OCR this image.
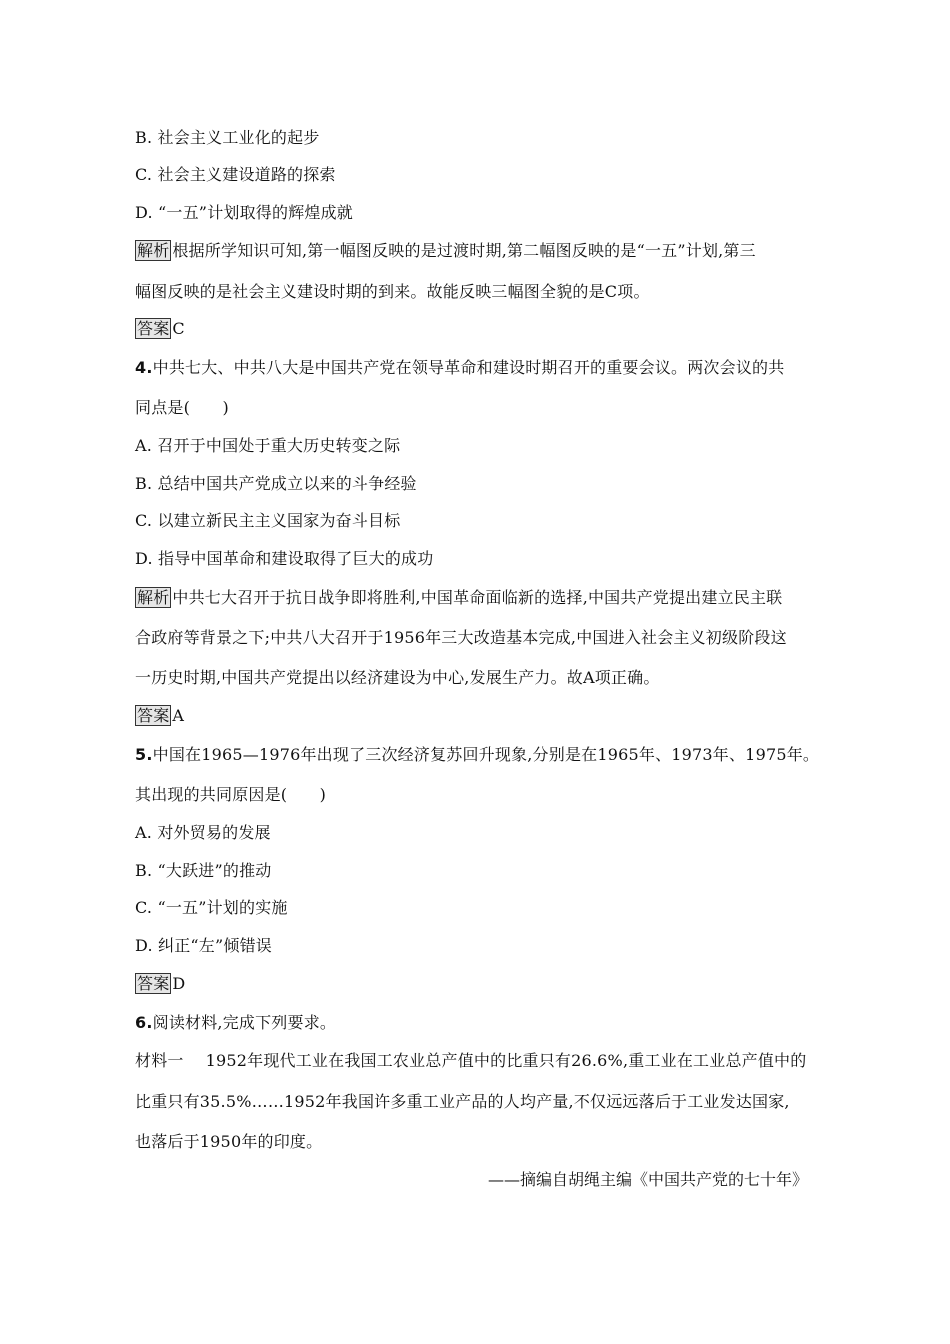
B. 社会主义工业化的起步
C. 社会主义建设道路的探索
D. “一五”计划取得的辉煌成就
解析 根据所学知识可知,第一幅图反映的是过渡时期,第二幅图反映的是“一五”计划,第三
幅图反映的是社会主义建设时期的到来。故能反映三幅图全貌的是C项。
答案 C
4.中共七大、中共八大是中国共产党在领导革命和建设时期召开的重要会议。两次会议的共
同点是(　　)
A. 召开于中国处于重大历史转变之际
B. 总结中国共产党成立以来的斗争经验
C. 以建立新民主主义国家为奋斗目标
D. 指导中国革命和建设取得了巨大的成功
解析 中共七大召开于抗日战争即将胜利,中国革命面临新的选择,中国共产党提出建立民主联
合政府等背景之下;中共八大召开于1956年三大改造基本完成,中国进入社会主义初级阶段这
一历史时期,中国共产党提出以经济建设为中心,发展生产力。故A项正确。
答案 A
5.中国在1965—1976年出现了三次经济复苏回升现象,分别是在1965年、1973年、1975年。
其出现的共同原因是(　　)
A. 对外贸易的发展
B. “大跃进”的推动
C. “一五”计划的实施
D. 纠正“左”倾错误
答案 D
6.阅读材料,完成下列要求。
材料一 1952年现代工业在我国工农业总产值中的比重只有26.6%,重工业在工业总产值中的
比重只有35.5%……1952年我国许多重工业产品的人均产量,不仅远远落后于工业发达国家,
也落后于1950年的印度。
——摘编自胡绳主编《中国共产党的七十年》
